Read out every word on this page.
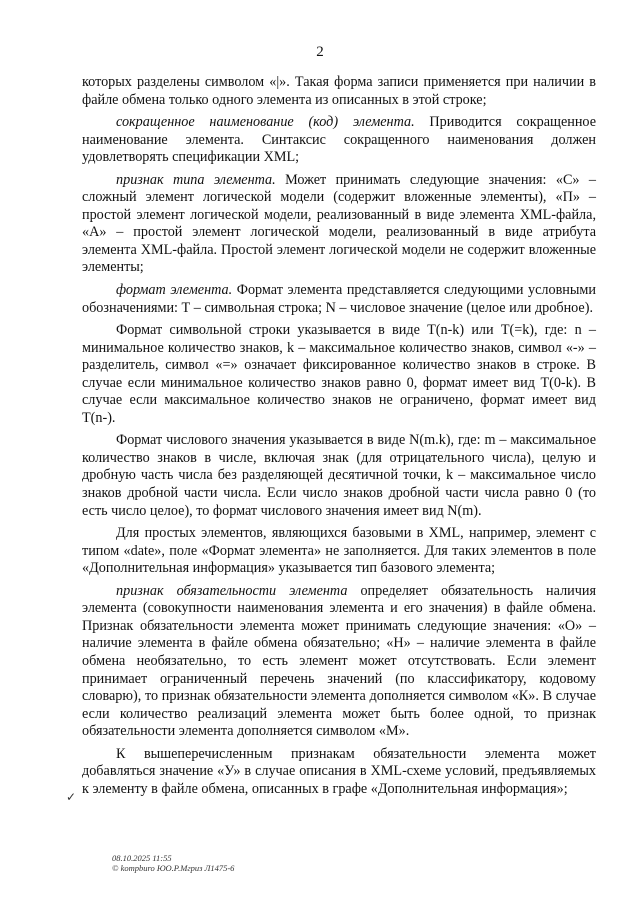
2

которых разделены символом «|». Такая форма записи применяется при наличии в файле обмена только одного элемента из описанных в этой строке;

сокращенное наименование (код) элемента. Приводится сокращенное наименование элемента. Синтаксис сокращенного наименования должен удовлетворять спецификации XML;

признак типа элемента. Может принимать следующие значения: «С» – сложный элемент логической модели (содержит вложенные элементы), «П» – простой элемент логической модели, реализованный в виде элемента XML-файла, «А» – простой элемент логической модели, реализованный в виде атрибута элемента XML-файла. Простой элемент логической модели не содержит вложенные элементы;

формат элемента. Формат элемента представляется следующими условными обозначениями: Т – символьная строка; N – числовое значение (целое или дробное).

Формат символьной строки указывается в виде Т(n-k) или T(=k), где: n – минимальное количество знаков, k – максимальное количество знаков, символ «-» – разделитель, символ «=» означает фиксированное количество знаков в строке. В случае если минимальное количество знаков равно 0, формат имеет вид Т(0-k). В случае если максимальное количество знаков не ограничено, формат имеет вид Т(n-).

Формат числового значения указывается в виде N(m.k), где: m – максимальное количество знаков в числе, включая знак (для отрицательного числа), целую и дробную часть числа без разделяющей десятичной точки, k – максимальное число знаков дробной части числа. Если число знаков дробной части числа равно 0 (то есть число целое), то формат числового значения имеет вид N(m).

Для простых элементов, являющихся базовыми в XML, например, элемент с типом «date», поле «Формат элемента» не заполняется. Для таких элементов в поле «Дополнительная информация» указывается тип базового элемента;

признак обязательности элемента определяет обязательность наличия элемента (совокупности наименования элемента и его значения) в файле обмена. Признак обязательности элемента может принимать следующие значения: «О» – наличие элемента в файле обмена обязательно; «Н» – наличие элемента в файле обмена необязательно, то есть элемент может отсутствовать. Если элемент принимает ограниченный перечень значений (по классификатору, кодовому словарю), то признак обязательности элемента дополняется символом «К». В случае если количество реализаций элемента может быть более одной, то признак обязательности элемента дополняется символом «М».

К вышеперечисленным признакам обязательности элемента может добавляться значение «У» в случае описания в XML-схеме условий, предъявляемых к элементу в файле обмена, описанных в графе «Дополнительная информация»;

✓
08.10.2025 11:55
© kompburo ЮО.Р.Мгриз Л1475-6
